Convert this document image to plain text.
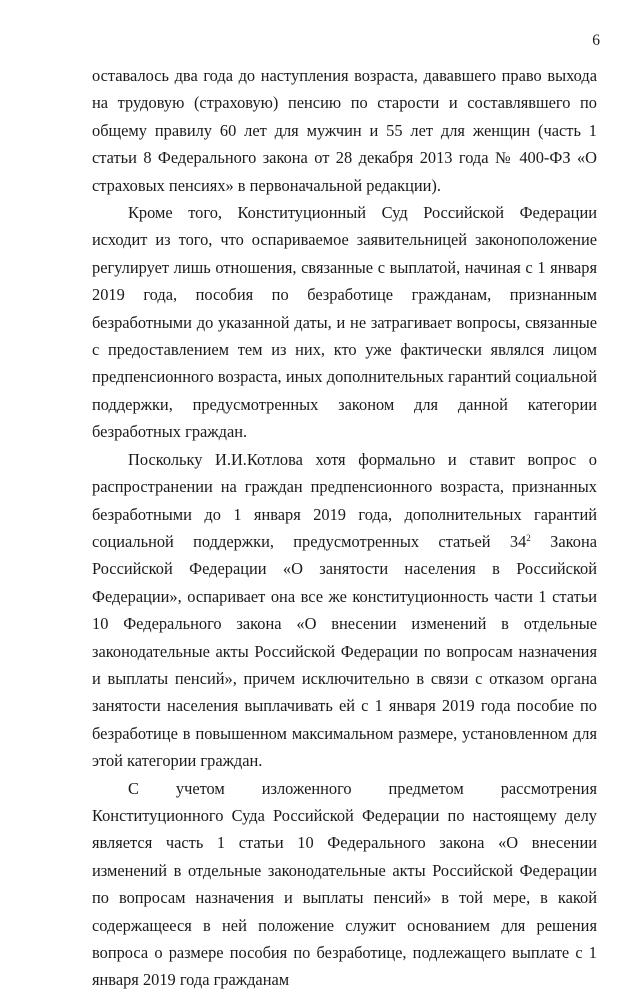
6

оставалось два года до наступления возраста, дававшего право выхода на трудовую (страховую) пенсию по старости и составлявшего по общему правилу 60 лет для мужчин и 55 лет для женщин (часть 1 статьи 8 Федерального закона от 28 декабря 2013 года № 400-ФЗ «О страховых пенсиях» в первоначальной редакции).

Кроме того, Конституционный Суд Российской Федерации исходит из того, что оспариваемое заявительницей законоположение регулирует лишь отношения, связанные с выплатой, начиная с 1 января 2019 года, пособия по безработице гражданам, признанным безработными до указанной даты, и не затрагивает вопросы, связанные с предоставлением тем из них, кто уже фактически являлся лицом предпенсионного возраста, иных дополнительных гарантий социальной поддержки, предусмотренных законом для данной категории безработных граждан.

Поскольку И.И.Котлова хотя формально и ставит вопрос о распространении на граждан предпенсионного возраста, признанных безработными до 1 января 2019 года, дополнительных гарантий социальной поддержки, предусмотренных статьей $34^2$ Закона Российской Федерации «О занятости населения в Российской Федерации», оспаривает она все же конституционность части 1 статьи 10 Федерального закона «О внесении изменений в отдельные законодательные акты Российской Федерации по вопросам назначения и выплаты пенсий», причем исключительно в связи с отказом органа занятости населения выплачивать ей с 1 января 2019 года пособие по безработице в повышенном максимальном размере, установленном для этой категории граждан.

С учетом изложенного предметом рассмотрения Конституционного Суда Российской Федерации по настоящему делу является часть 1 статьи 10 Федерального закона «О внесении изменений в отдельные законодательные акты Российской Федерации по вопросам назначения и выплаты пенсий» в той мере, в какой содержащееся в ней положение служит основанием для решения вопроса о размере пособия по безработице, подлежащего выплате с 1 января 2019 года гражданам
